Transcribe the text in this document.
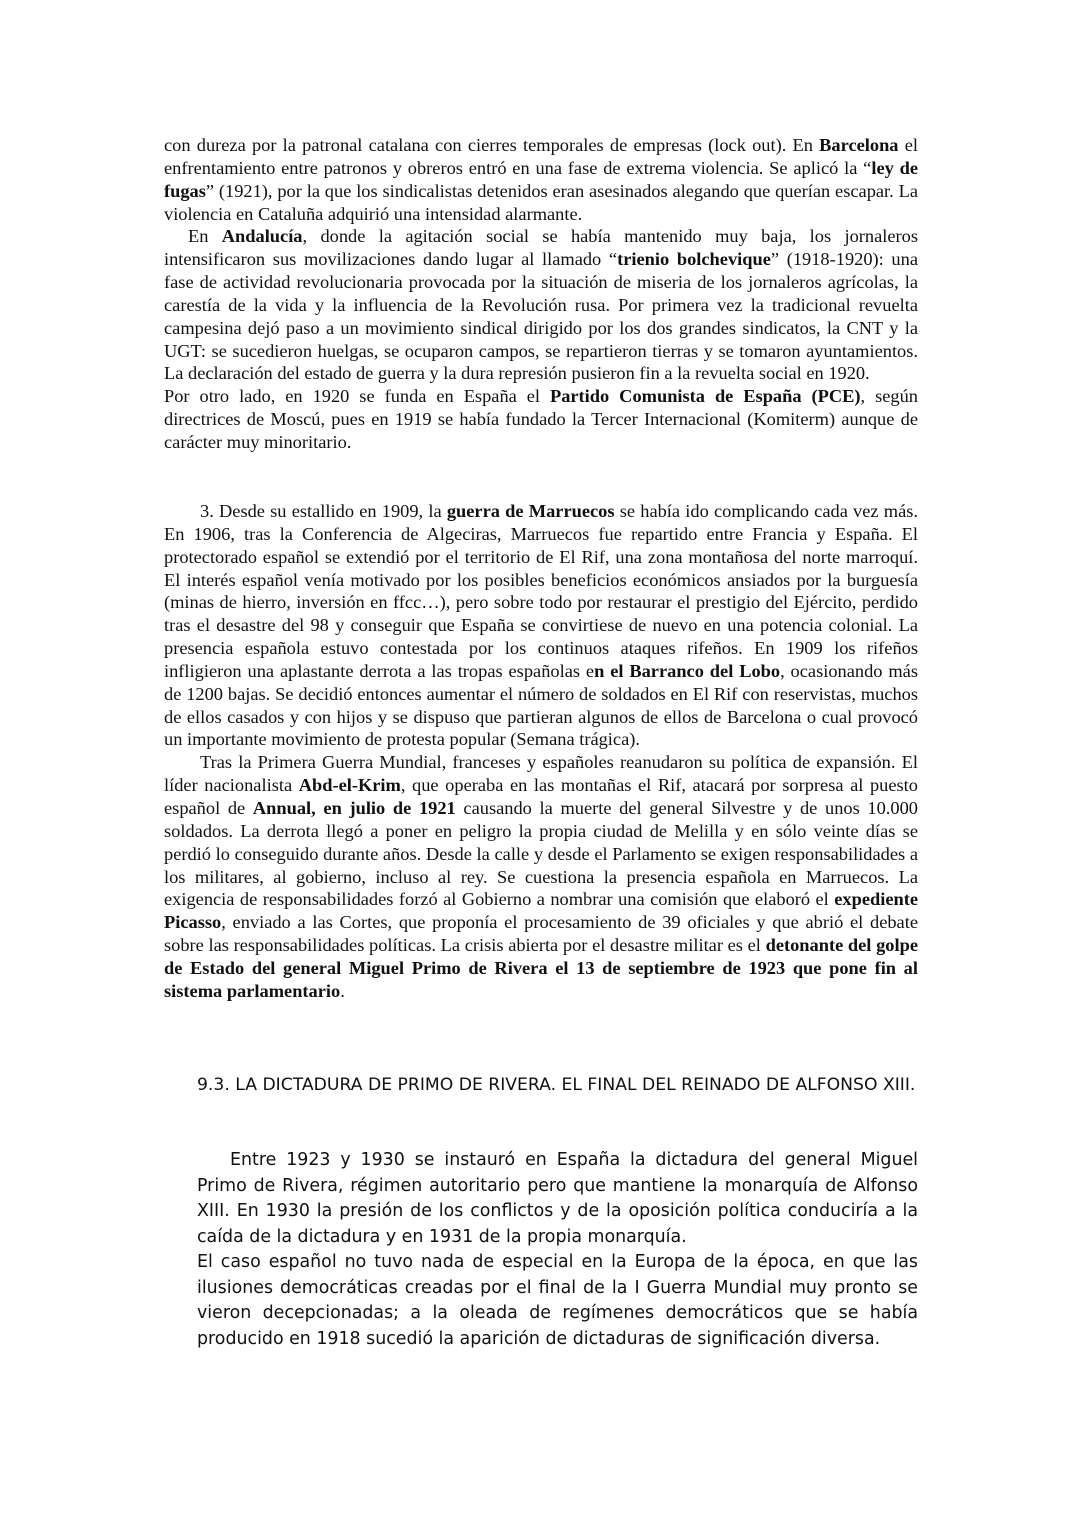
con dureza por la patronal catalana con cierres temporales de empresas (lock out). En Barcelona el enfrentamiento entre patronos y obreros entró en una fase de extrema violencia. Se aplicó la “ley de fugas” (1921), por la que los sindicalistas detenidos eran asesinados alegando que querían escapar. La violencia en Cataluña adquirió una intensidad alarmante.

En Andalucía, donde la agitación social se había mantenido muy baja, los jornaleros intensificaron sus movilizaciones dando lugar al llamado “trienio bolchevique” (1918-1920): una fase de actividad revolucionaria provocada por la situación de miseria de los jornaleros agrícolas, la carestía de la vida y la influencia de la Revolución rusa. Por primera vez la tradicional revuelta campesina dejó paso a un movimiento sindical dirigido por los dos grandes sindicatos, la CNT y la UGT: se sucedieron huelgas, se ocuparon campos, se repartieron tierras y se tomaron ayuntamientos. La declaración del estado de guerra y la dura represión pusieron fin a la revuelta social en 1920.

Por otro lado, en 1920 se funda en España el Partido Comunista de España (PCE), según directrices de Moscú, pues en 1919 se había fundado la Tercer Internacional (Komiterm) aunque de carácter muy minoritario.

3. Desde su estallido en 1909, la guerra de Marruecos se había ido complicando cada vez más. En 1906, tras la Conferencia de Algeciras, Marruecos fue repartido entre Francia y España. El protectorado español se extendió por el territorio de El Rif, una zona montañosa del norte marroquí. El interés español venía motivado por los posibles beneficios económicos ansiados por la burguesía (minas de hierro, inversión en ffcc…), pero sobre todo por restaurar el prestigio del Ejército, perdido tras el desastre del 98 y conseguir que España se convirtiese de nuevo en una potencia colonial. La presencia española estuvo contestada por los continuos ataques rifeños. En 1909 los rifeños infligieron una aplastante derrota a las tropas españolas en el Barranco del Lobo, ocasionando más de 1200 bajas. Se decidió entonces aumentar el número de soldados en El Rif con reservistas, muchos de ellos casados y con hijos y se dispuso que partieran algunos de ellos de Barcelona o cual provocó un importante movimiento de protesta popular (Semana trágica).

Tras la Primera Guerra Mundial, franceses y españoles reanudaron su política de expansión. El líder nacionalista Abd-el-Krim, que operaba en las montañas el Rif, atacará por sorpresa al puesto español de Annual, en julio de 1921 causando la muerte del general Silvestre y de unos 10.000 soldados. La derrota llegó a poner en peligro la propia ciudad de Melilla y en sólo veinte días se perdió lo conseguido durante años. Desde la calle y desde el Parlamento se exigen responsabilidades a los militares, al gobierno, incluso al rey. Se cuestiona la presencia española en Marruecos. La exigencia de responsabilidades forzó al Gobierno a nombrar una comisión que elaboró el expediente Picasso, enviado a las Cortes, que proponía el procesamiento de 39 oficiales y que abrió el debate sobre las responsabilidades políticas. La crisis abierta por el desastre militar es el detonante del golpe de Estado del general Miguel Primo de Rivera el 13 de septiembre de 1923 que pone fin al sistema parlamentario.

9.3. LA DICTADURA DE PRIMO DE RIVERA. EL FINAL DEL REINADO DE ALFONSO XIII.

Entre 1923 y 1930 se instauró en España la dictadura del general Miguel Primo de Rivera, régimen autoritario pero que mantiene la monarquía de Alfonso XIII. En 1930 la presión de los conflictos y de la oposición política conduciría a la caída de la dictadura y en 1931 de la propia monarquía.

El caso español no tuvo nada de especial en la Europa de la época, en que las ilusiones democráticas creadas por el final de la I Guerra Mundial muy pronto se vieron decepcionadas; a la oleada de regímenes democráticos que se había producido en 1918 sucedió la aparición de dictaduras de significación diversa.
